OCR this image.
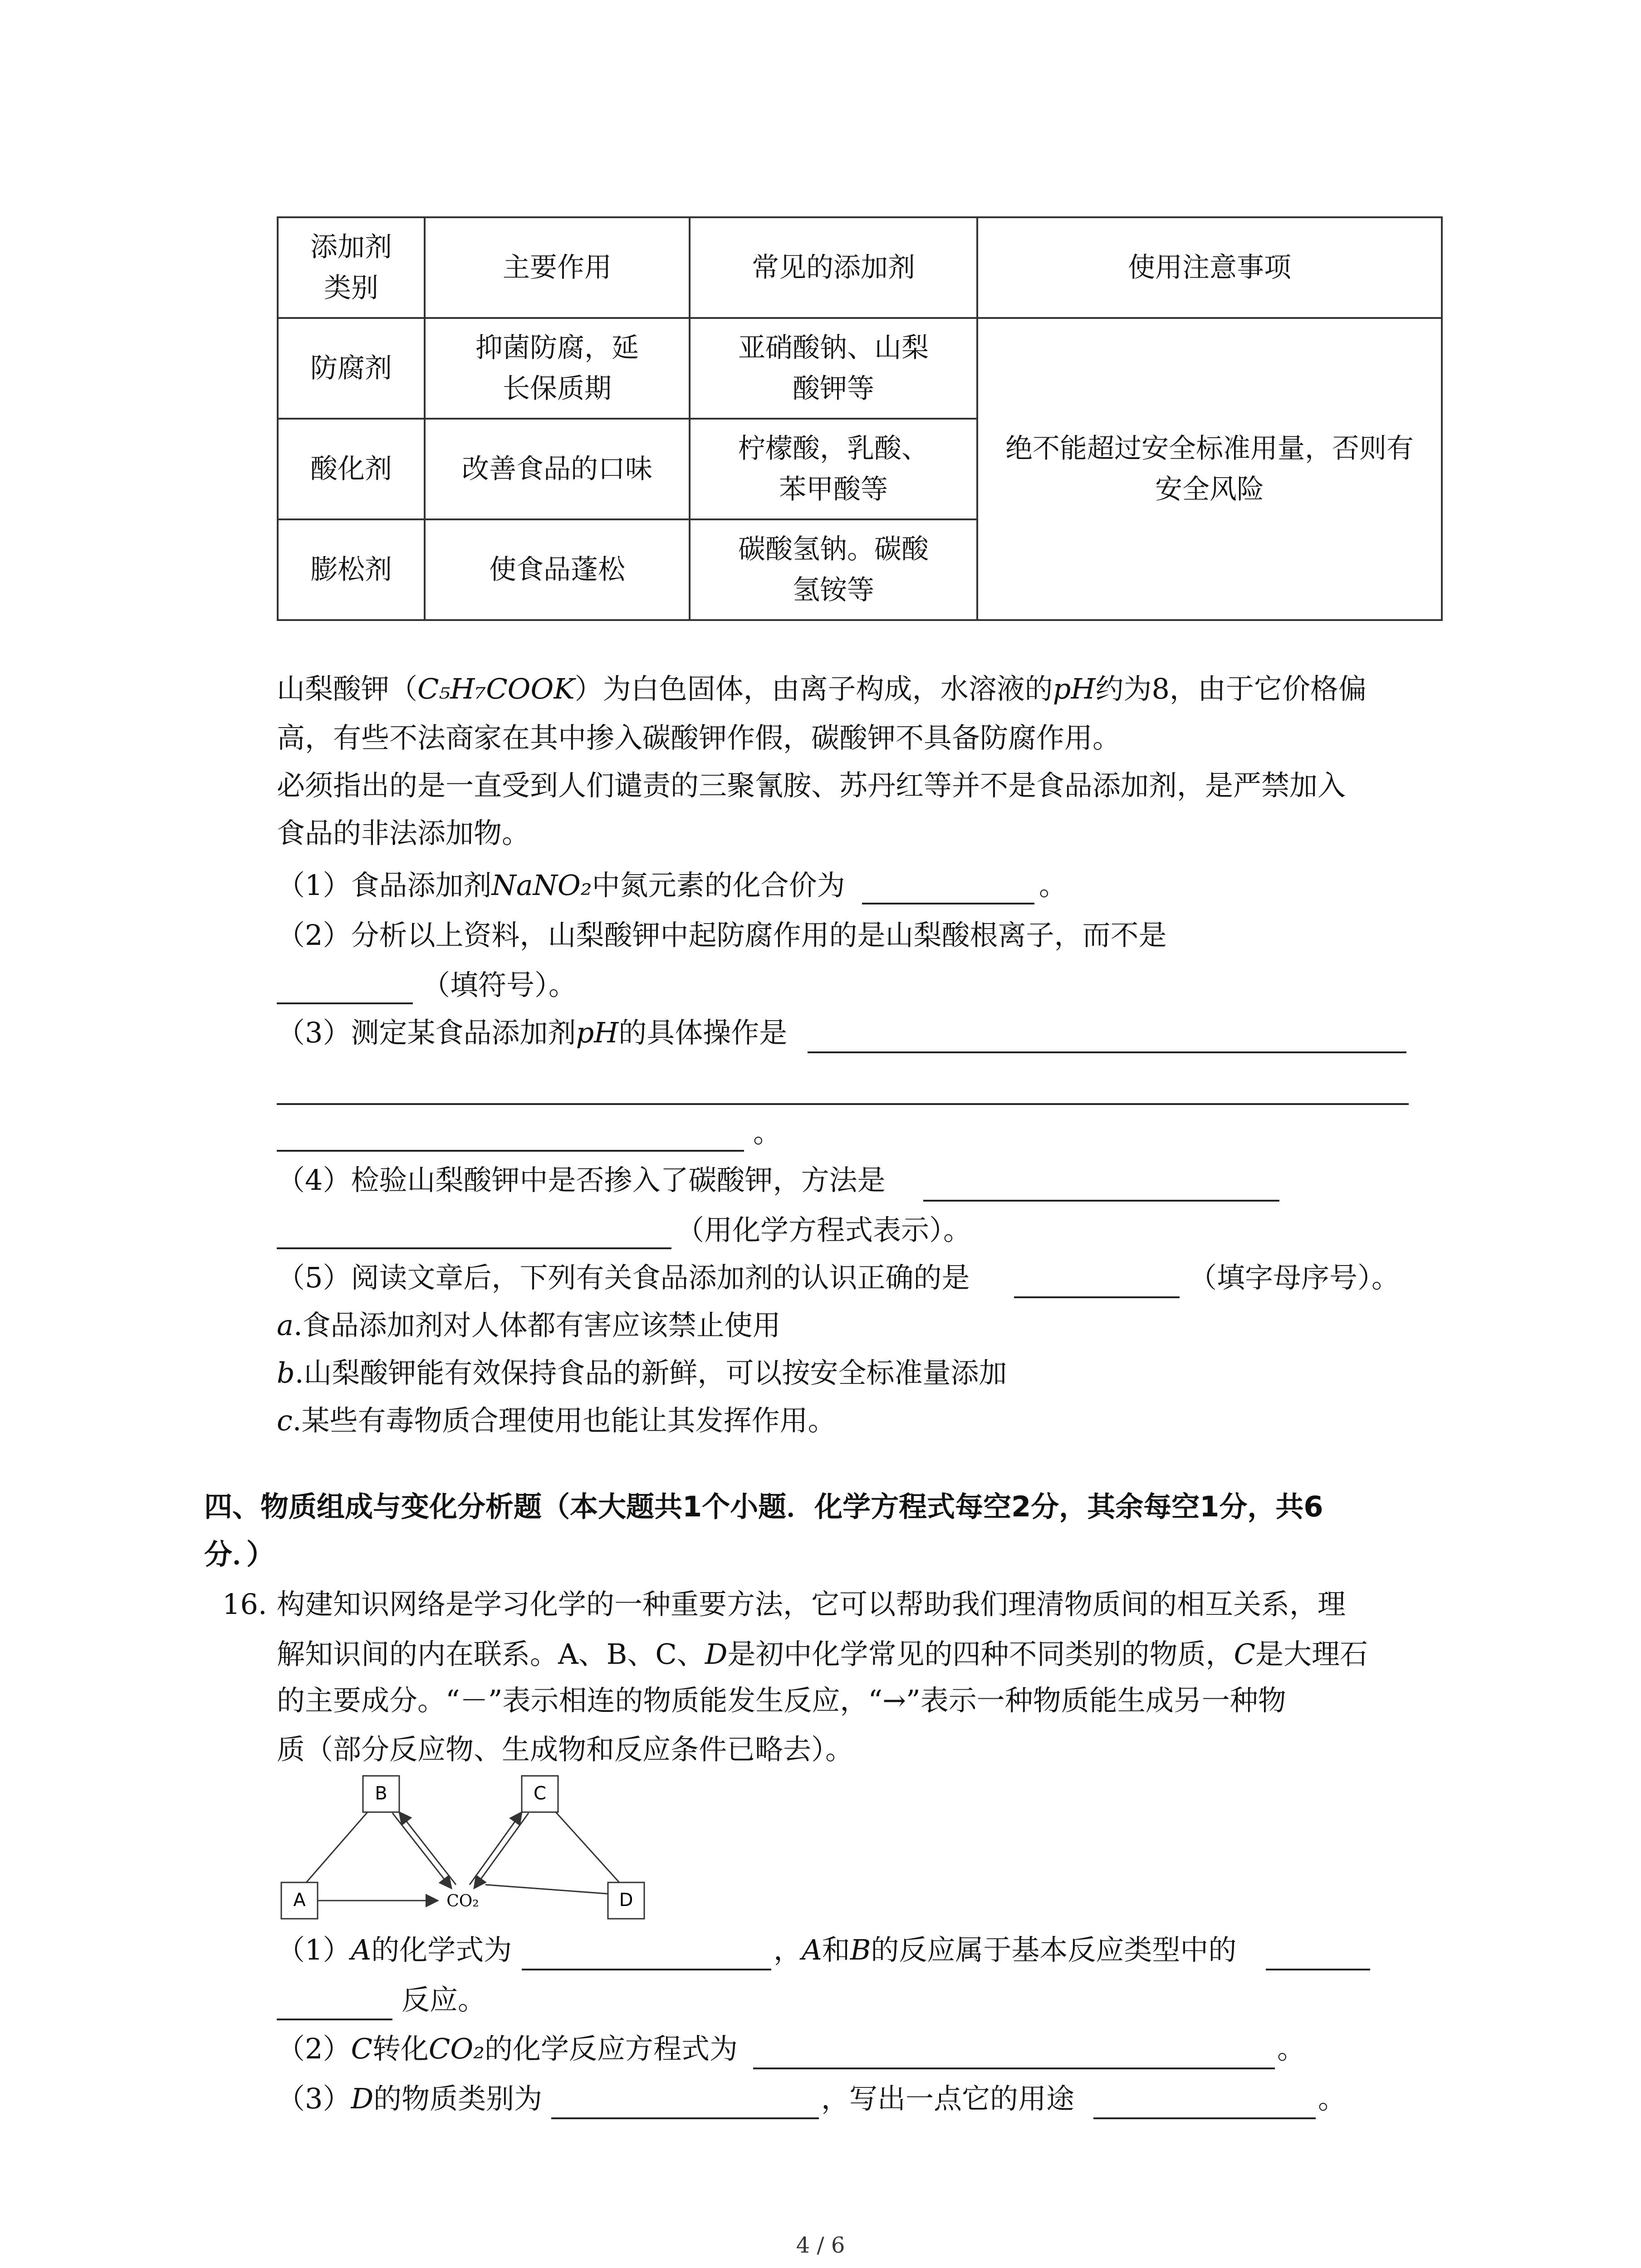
添加剂类别	主要作用	常见的添加剂	使用注意事项
防腐剂	抑菌防腐，延长保质期	亚硝酸钠、山梨酸钾等	绝不能超过安全标准用量，否则有安全风险

酸化剂	改善食品的口味	柠檬酸，乳酸、苯甲酸等	

膨松剂	使食品蓬松	碳酸氢钠。碳酸氢铵等	
山梨酸钾（C₅H₇COOK）为白色固体，由离子构成，水溶液的pH约为8，由于它价格偏
高，有些不法商家在其中掺入碳酸钾作假，碳酸钾不具备防腐作用。
必须指出的是一直受到人们谴责的三聚氰胺、苏丹红等并不是食品添加剂，是严禁加入
食品的非法添加物。
（1）食品添加剂NaNO₂中氮元素的化合价为	。
（2）分析以上资料，山梨酸钾中起防腐作用的是山梨酸根离子，而不是
（填符号）。
（3）测定某食品添加剂pH的具体操作是
。
（4）检验山梨酸钾中是否掺入了碳酸钾，方法是
（用化学方程式表示）。
（5）阅读文章后，下列有关食品添加剂的认识正确的是	（填字母序号）。
a.食品添加剂对人体都有害应该禁止使用
b.山梨酸钾能有效保持食品的新鲜，可以按安全标准量添加
c.某些有毒物质合理使用也能让其发挥作用。
四、物质组成与变化分析题（本大题共1个小题．化学方程式每空2分，其余每空1分，共6
分．）
16. 构建知识网络是学习化学的一种重要方法，它可以帮助我们理清物质间的相互关系，理
解知识间的内在联系。A、B、C、D是初中化学常见的四种不同类别的物质，C是大理石
的主要成分。“－”表示相连的物质能发生反应，“→”表示一种物质能生成另一种物
质（部分反应物、生成物和反应条件已略去）。
B	C
A	D
CO₂
（1）A的化学式为	，A和B的反应属于基本反应类型中的
反应。
（2）C转化CO₂的化学反应方程式为	。
（3）D的物质类别为	，写出一点它的用途	。
4 / 6
